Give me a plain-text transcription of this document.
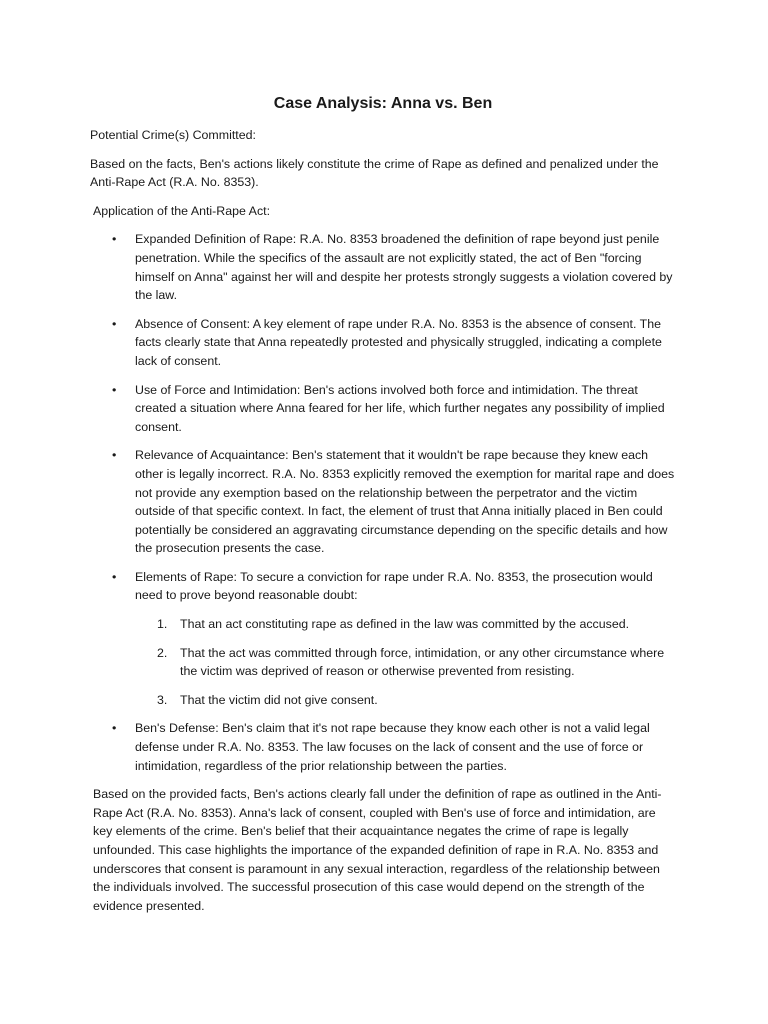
Case Analysis: Anna vs. Ben

Potential Crime(s) Committed:

Based on the facts, Ben's actions likely constitute the crime of Rape as defined and penalized under the Anti-Rape Act (R.A. No. 8353).

Application of the Anti-Rape Act:

• Expanded Definition of Rape: R.A. No. 8353 broadened the definition of rape beyond just penile penetration. While the specifics of the assault are not explicitly stated, the act of Ben "forcing himself on Anna" against her will and despite her protests strongly suggests a violation covered by the law.
• Absence of Consent: A key element of rape under R.A. No. 8353 is the absence of consent. The facts clearly state that Anna repeatedly protested and physically struggled, indicating a complete lack of consent.
• Use of Force and Intimidation: Ben's actions involved both force and intimidation. The threat created a situation where Anna feared for her life, which further negates any possibility of implied consent.
• Relevance of Acquaintance: Ben's statement that it wouldn't be rape because they knew each other is legally incorrect. R.A. No. 8353 explicitly removed the exemption for marital rape and does not provide any exemption based on the relationship between the perpetrator and the victim outside of that specific context. In fact, the element of trust that Anna initially placed in Ben could potentially be considered an aggravating circumstance depending on the specific details and how the prosecution presents the case.
• Elements of Rape: To secure a conviction for rape under R.A. No. 8353, the prosecution would need to prove beyond reasonable doubt:
1. That an act constituting rape as defined in the law was committed by the accused.
2. That the act was committed through force, intimidation, or any other circumstance where the victim was deprived of reason or otherwise prevented from resisting.
3. That the victim did not give consent.
• Ben's Defense: Ben's claim that it's not rape because they know each other is not a valid legal defense under R.A. No. 8353. The law focuses on the lack of consent and the use of force or intimidation, regardless of the prior relationship between the parties.

Based on the provided facts, Ben's actions clearly fall under the definition of rape as outlined in the Anti-Rape Act (R.A. No. 8353). Anna's lack of consent, coupled with Ben's use of force and intimidation, are key elements of the crime. Ben's belief that their acquaintance negates the crime of rape is legally unfounded. This case highlights the importance of the expanded definition of rape in R.A. No. 8353 and underscores that consent is paramount in any sexual interaction, regardless of the relationship between the individuals involved. The successful prosecution of this case would depend on the strength of the evidence presented.
